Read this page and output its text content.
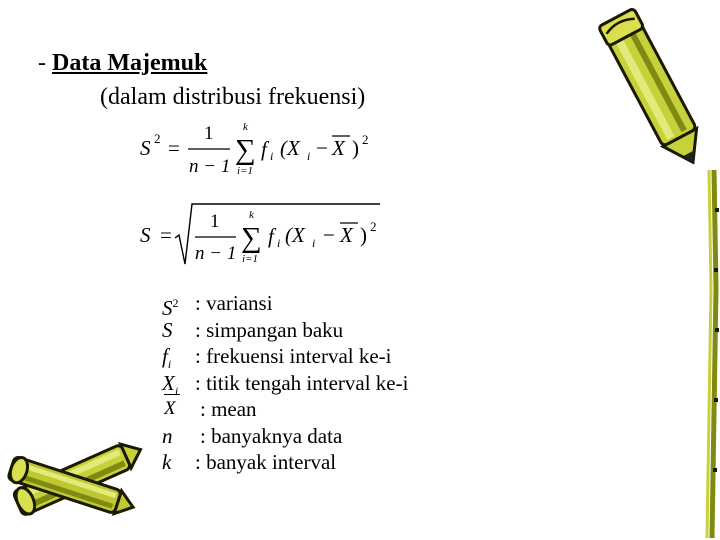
- Data Majemuk
(dalam distribusi frekuensi)
S 2 =
1
n − 1
k
∑
i=1
f i (X i − X ) 2
S =
1
n − 1
k
∑
i=1
f i (X i − X ) 2
$S^2$ : variansi
S	: simpangan baku
$f_i$	: frekuensi interval ke-i
$X_i$ : titik tengah interval ke-i
X	: mean
n	: banyaknya data
k	: banyak interval
